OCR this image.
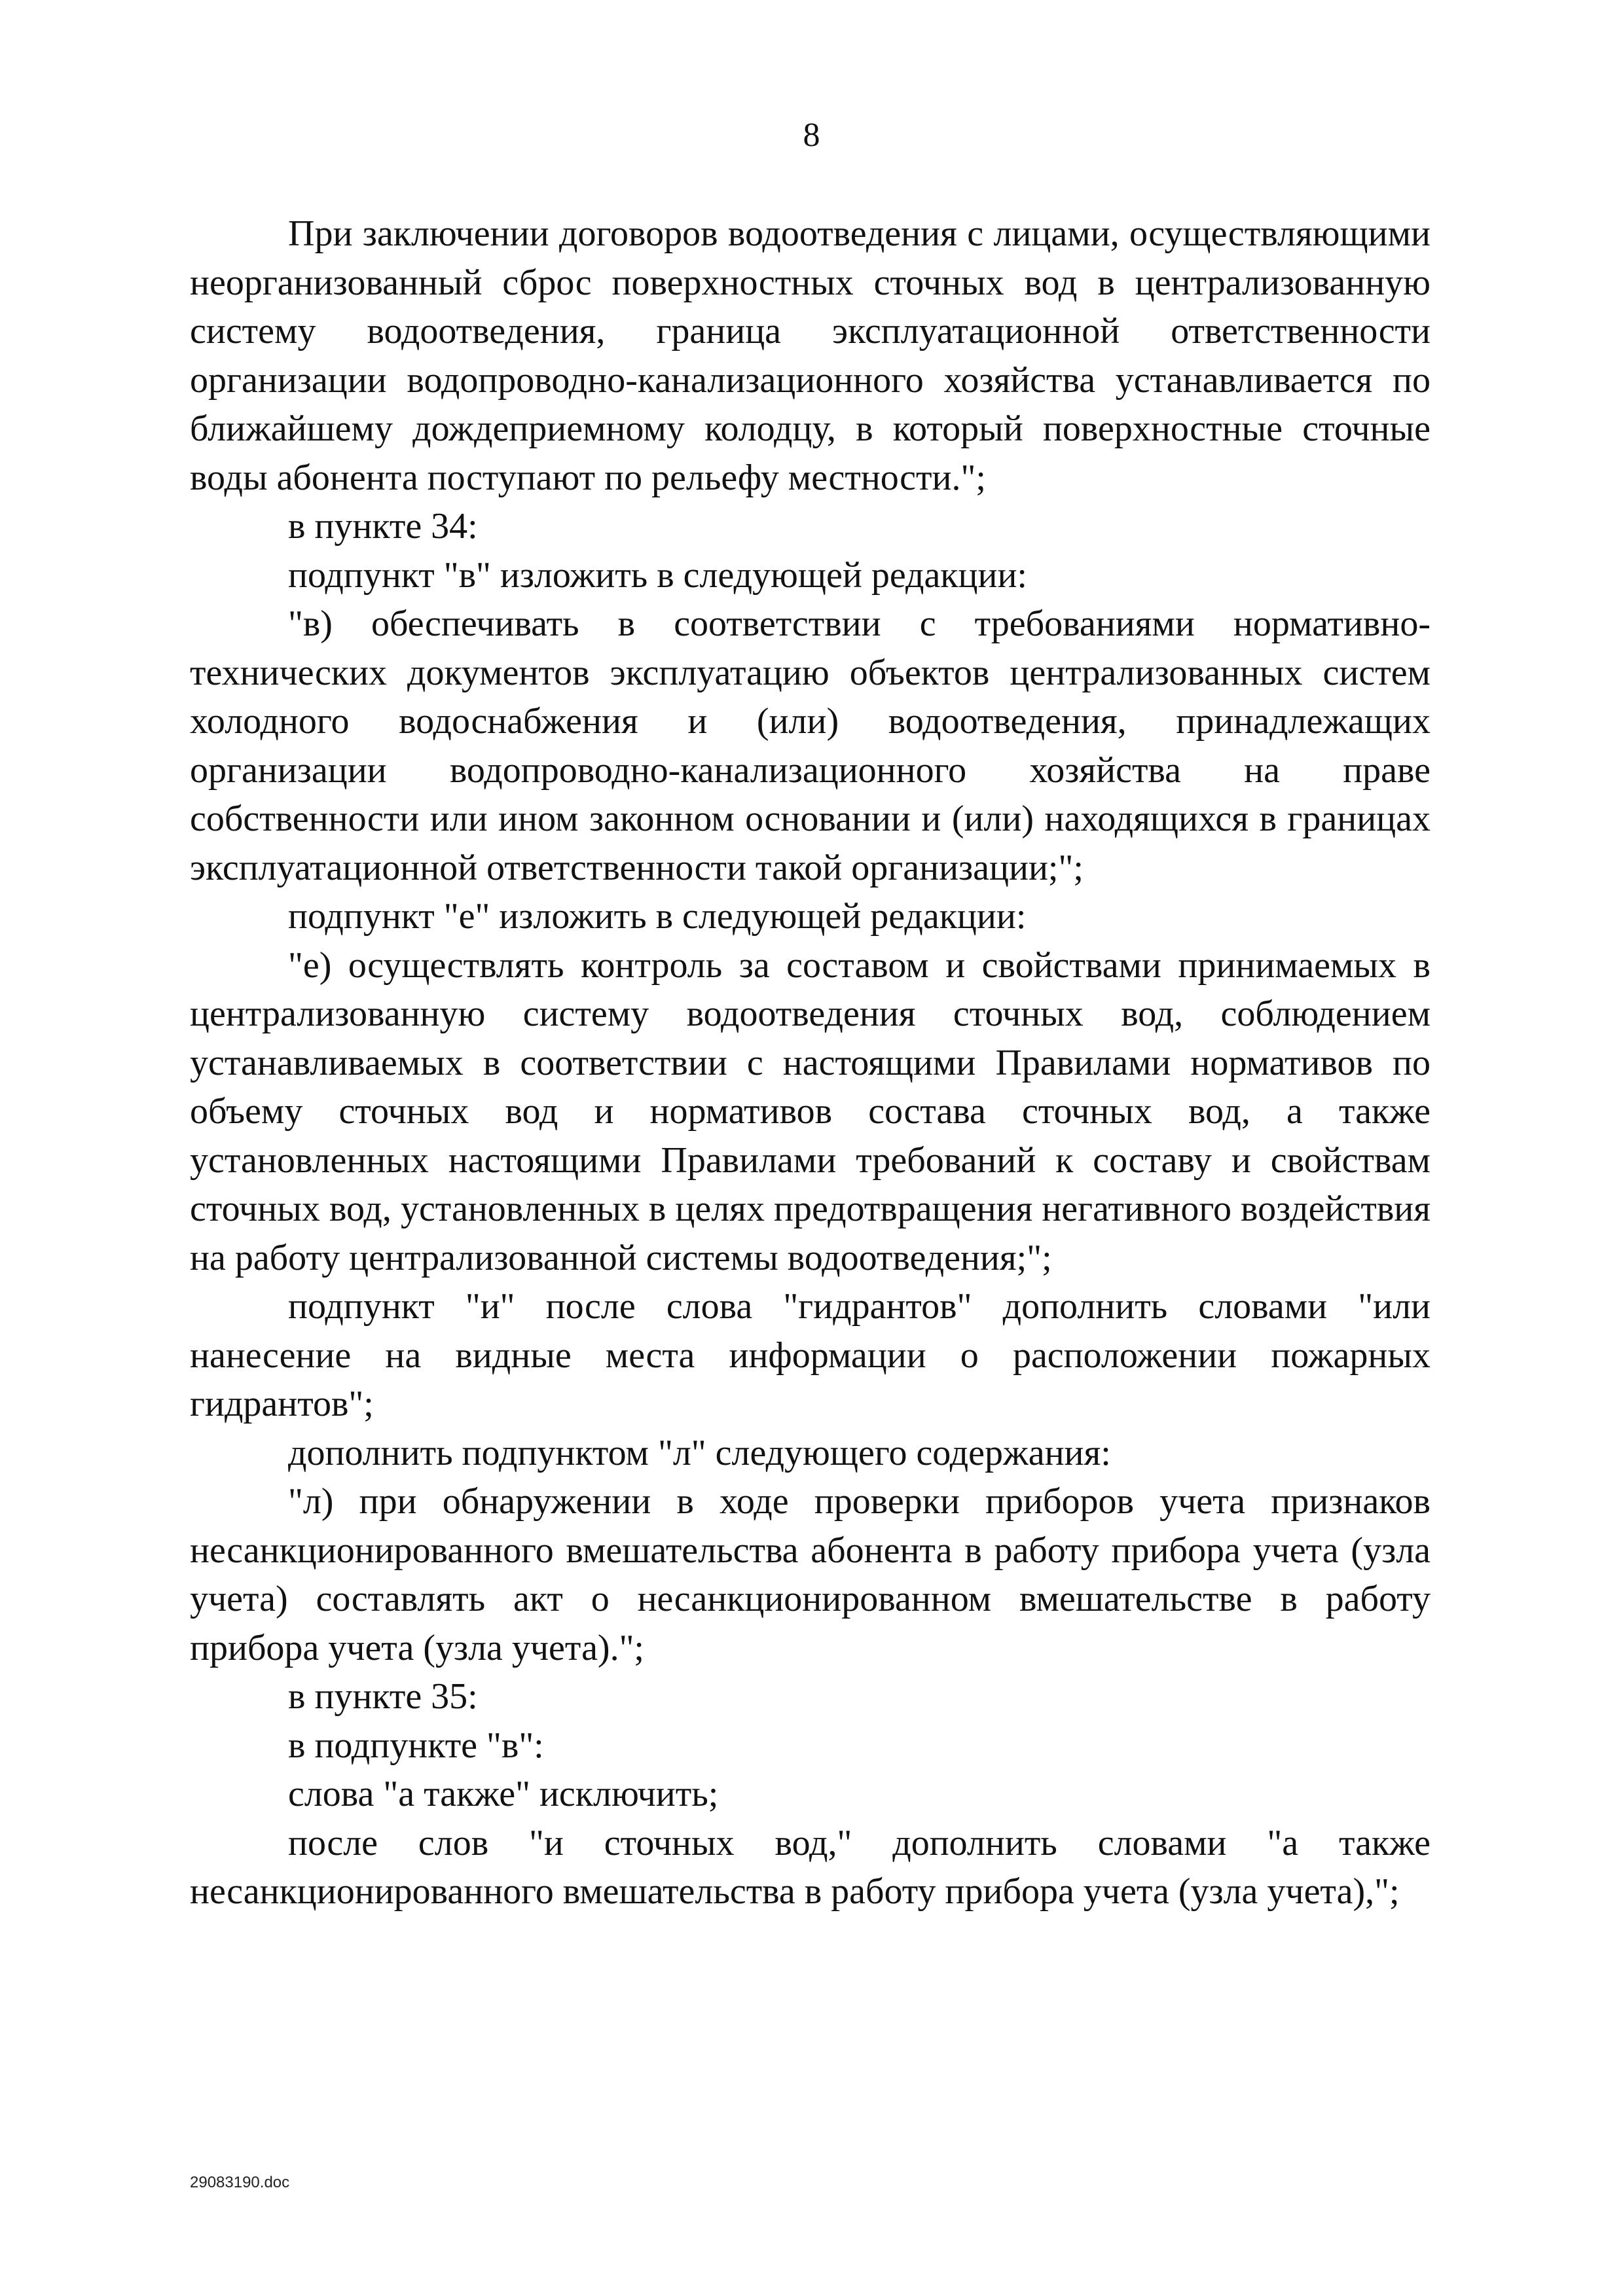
8

При заключении договоров водоотведения с лицами, осуществляющими неорганизованный сброс поверхностных сточных вод в централизованную систему водоотведения, граница эксплуатационной ответственности организации водопроводно-канализационного хозяйства устанавливается по ближайшему дождеприемному колодцу, в который поверхностные сточные воды абонента поступают по рельефу местности.";

в пункте 34:

подпункт "в" изложить в следующей редакции:

"в) обеспечивать в соответствии с требованиями нормативно-технических документов эксплуатацию объектов централизованных систем холодного водоснабжения и (или) водоотведения, принадлежащих организации водопроводно-канализационного хозяйства на праве собственности или ином законном основании и (или) находящихся в границах эксплуатационной ответственности такой организации;";

подпункт "е" изложить в следующей редакции:

"е) осуществлять контроль за составом и свойствами принимаемых в централизованную систему водоотведения сточных вод, соблюдением устанавливаемых в соответствии с настоящими Правилами нормативов по объему сточных вод и нормативов состава сточных вод, а также установленных настоящими Правилами требований к составу и свойствам сточных вод, установленных в целях предотвращения негативного воздействия на работу централизованной системы водоотведения;";

подпункт "и" после слова "гидрантов" дополнить словами "или нанесение на видные места информации о расположении пожарных гидрантов";

дополнить подпунктом "л" следующего содержания:

"л) при обнаружении в ходе проверки приборов учета признаков несанкционированного вмешательства абонента в работу прибора учета (узла учета) составлять акт о несанкционированном вмешательстве в работу прибора учета (узла учета).";

в пункте 35:

в подпункте "в":

слова "а также" исключить;

после слов "и сточных вод," дополнить словами "а также несанкционированного вмешательства в работу прибора учета (узла учета),";

29083190.doc
